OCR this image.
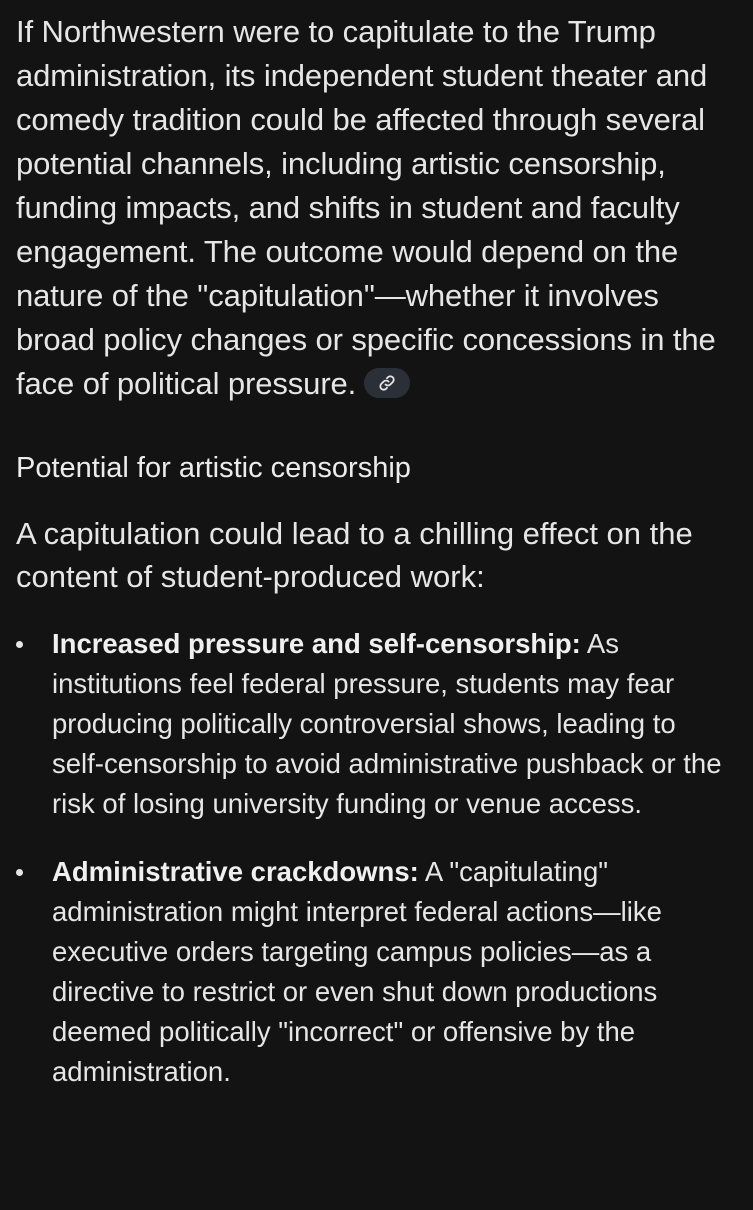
If Northwestern were to capitulate to the Trump administration, its independent student theater and comedy tradition could be affected through several potential channels, including artistic censorship, funding impacts, and shifts in student and faculty engagement. The outcome would depend on the nature of the "capitulation"—whether it involves broad policy changes or specific concessions in the face of political pressure.

Potential for artistic censorship

A capitulation could lead to a chilling effect on the content of student-produced work:

Increased pressure and self-censorship: As institutions feel federal pressure, students may fear producing politically controversial shows, leading to self-censorship to avoid administrative pushback or the risk of losing university funding or venue access.
Administrative crackdowns: A "capitulating" administration might interpret federal actions—like executive orders targeting campus policies—as a directive to restrict or even shut down productions deemed politically "incorrect" or offensive by the administration.
